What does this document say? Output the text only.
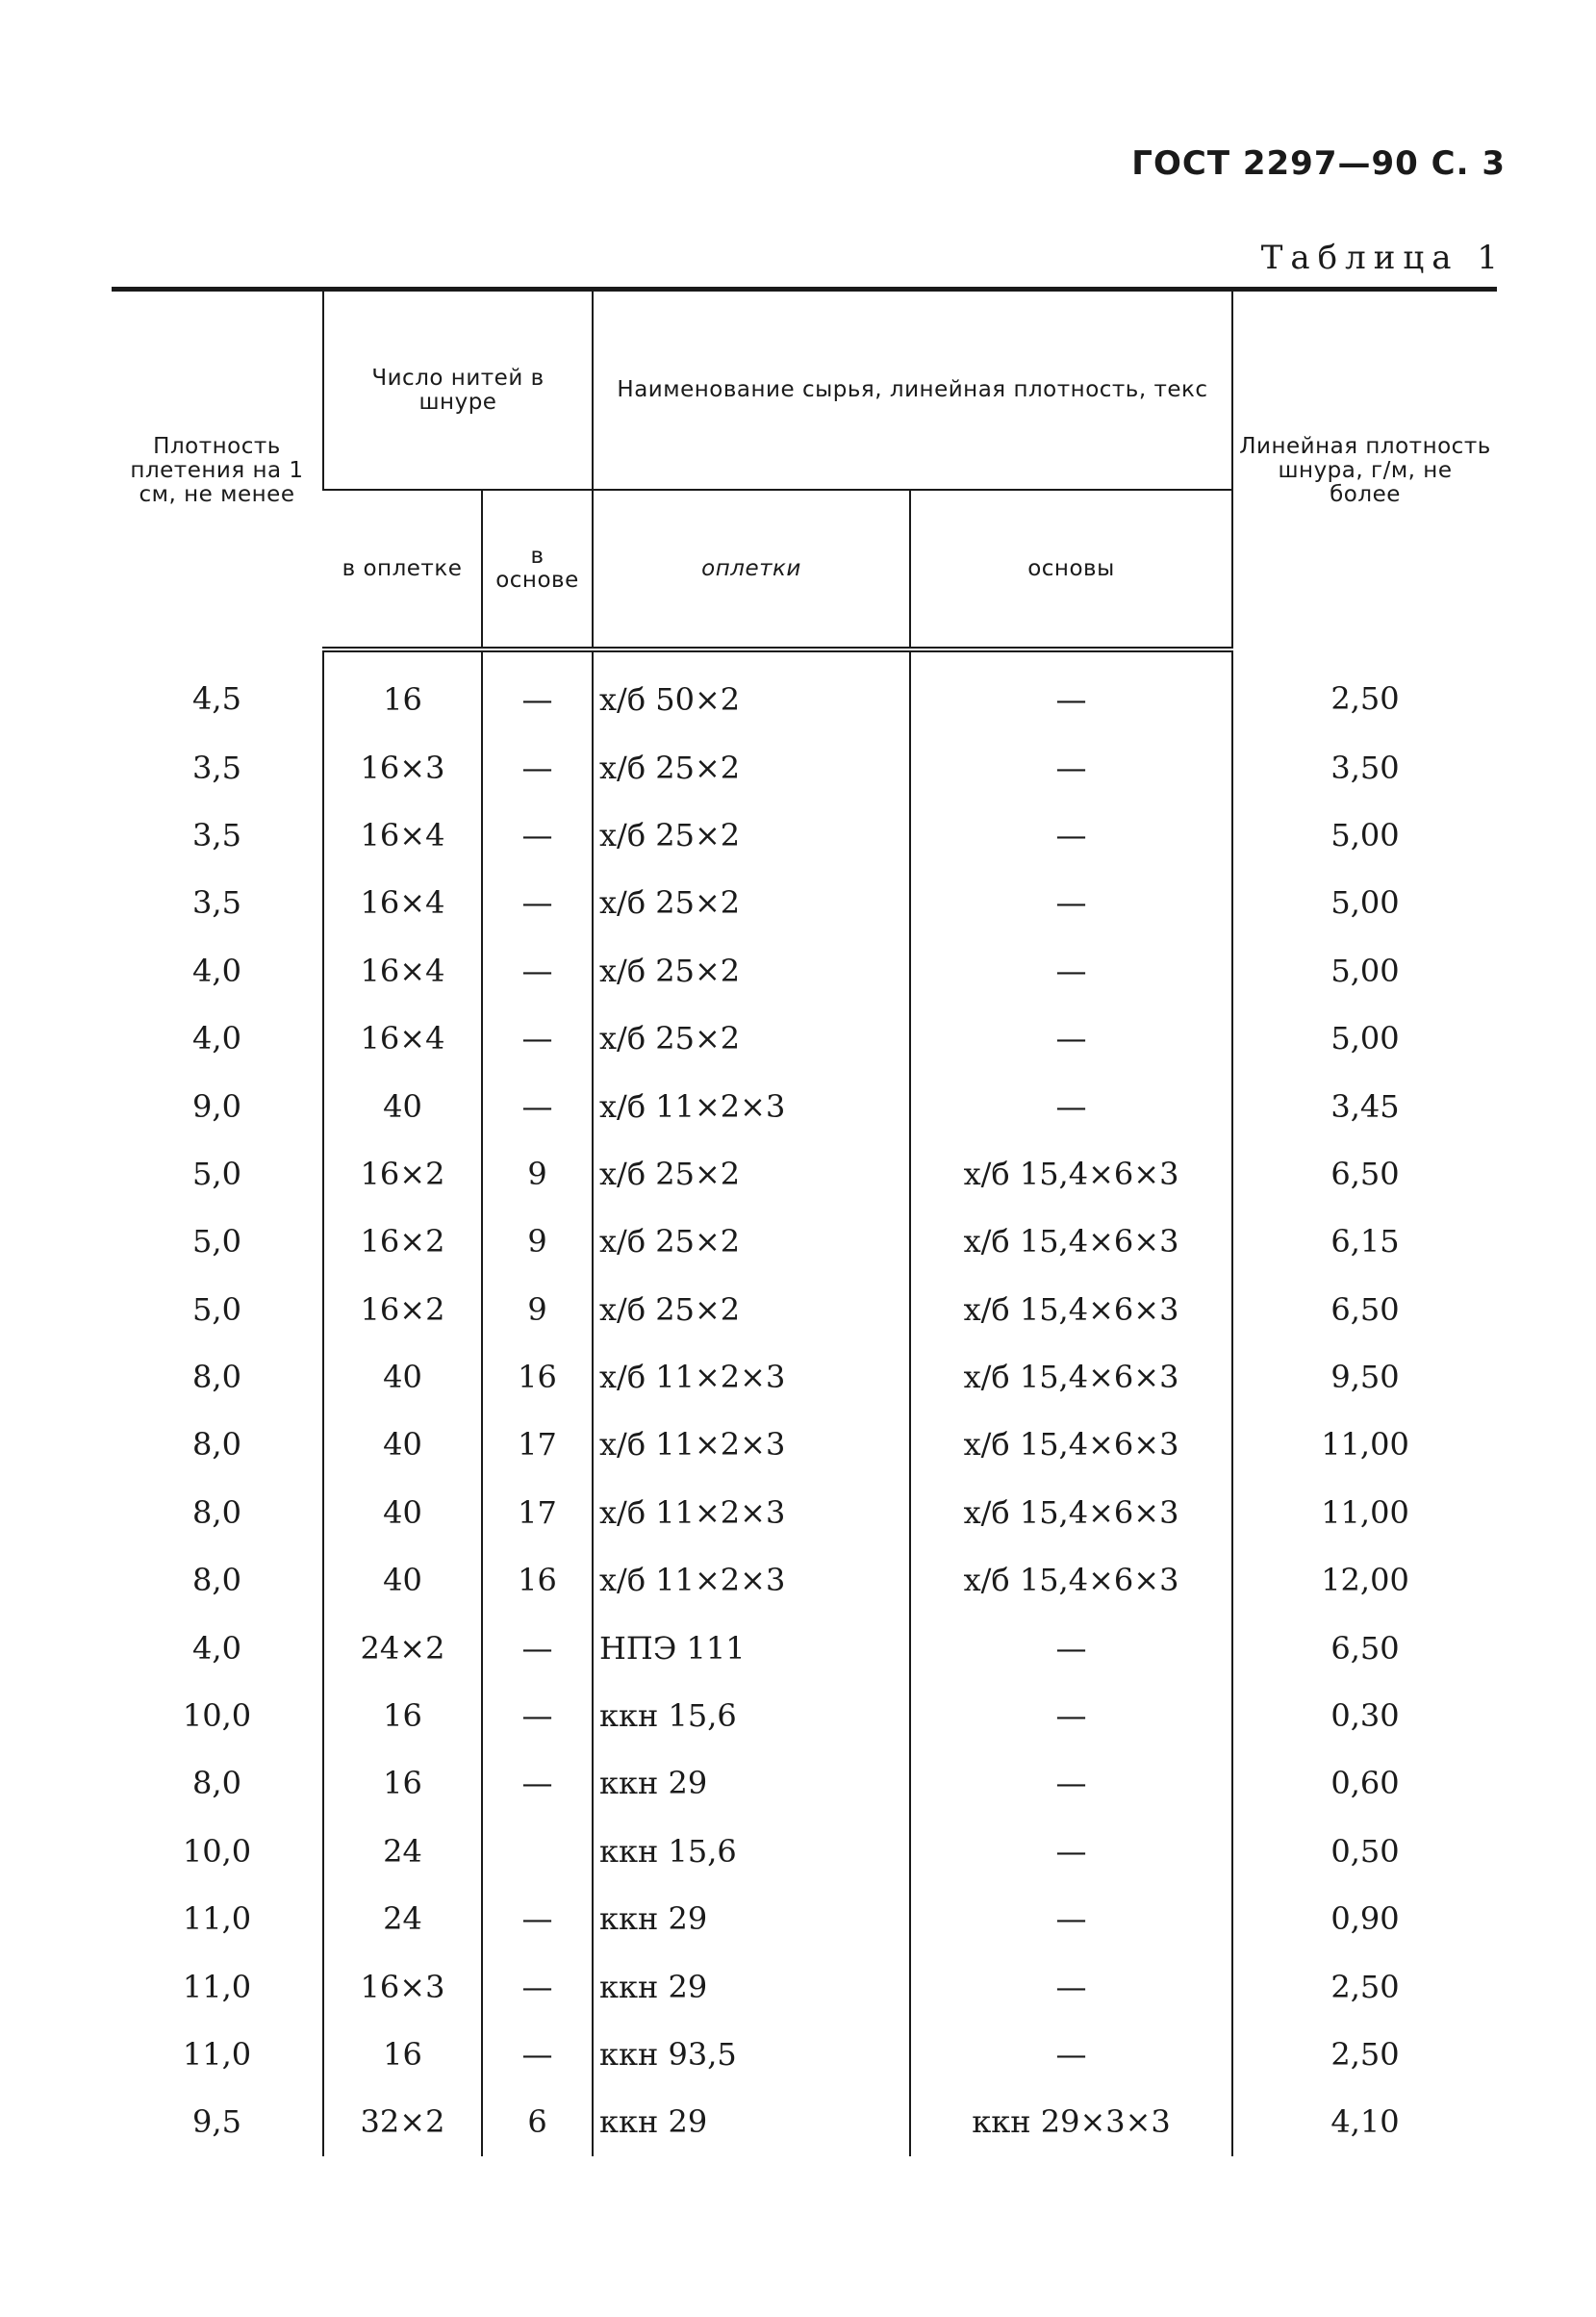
ГОСТ 2297—90 С. 3
Таблица 1
Плотность плетения на 1 см, не менее	Число нитей в шнуре		Наименование сырья, линейная плотность, текс		Линейная плотность шнура, г/м, не более
	в оплетке	в основе	оплетки	основы	
4,5	16	—	х/б 50×2	—	2,50
3,5	16×3	—	х/б 25×2	—	3,50
3,5	16×4	—	х/б 25×2	—	5,00
3,5	16×4	—	х/б 25×2	—	5,00
4,0	16×4	—	х/б 25×2	—	5,00
4,0	16×4	—	х/б 25×2	—	5,00
9,0	40	—	х/б 11×2×3	—	3,45
5,0	16×2	9	х/б 25×2	х/б 15,4×6×3	6,50
5,0	16×2	9	х/б 25×2	х/б 15,4×6×3	6,15
5,0	16×2	9	х/б 25×2	х/б 15,4×6×3	6,50
8,0	40	16	х/б 11×2×3	х/б 15,4×6×3	9,50
8,0	40	17	х/б 11×2×3	х/б 15,4×6×3	11,00
8,0	40	17	х/б 11×2×3	х/б 15,4×6×3	11,00
8,0	40	16	х/б 11×2×3	х/б 15,4×6×3	12,00
4,0	24×2	—	НПЭ 111	—	6,50
10,0	16	—	ккн 15,6	—	0,30
8,0	16	—	ккн 29	—	0,60
10,0	24		ккн 15,6	—	0,50
11,0	24	—	ккн 29	—	0,90
11,0	16×3	—	ккн 29	—	2,50
11,0	16	—	ккн 93,5	—	2,50
9,5	32×2	6	ккн 29	ккн 29×3×3	4,10
